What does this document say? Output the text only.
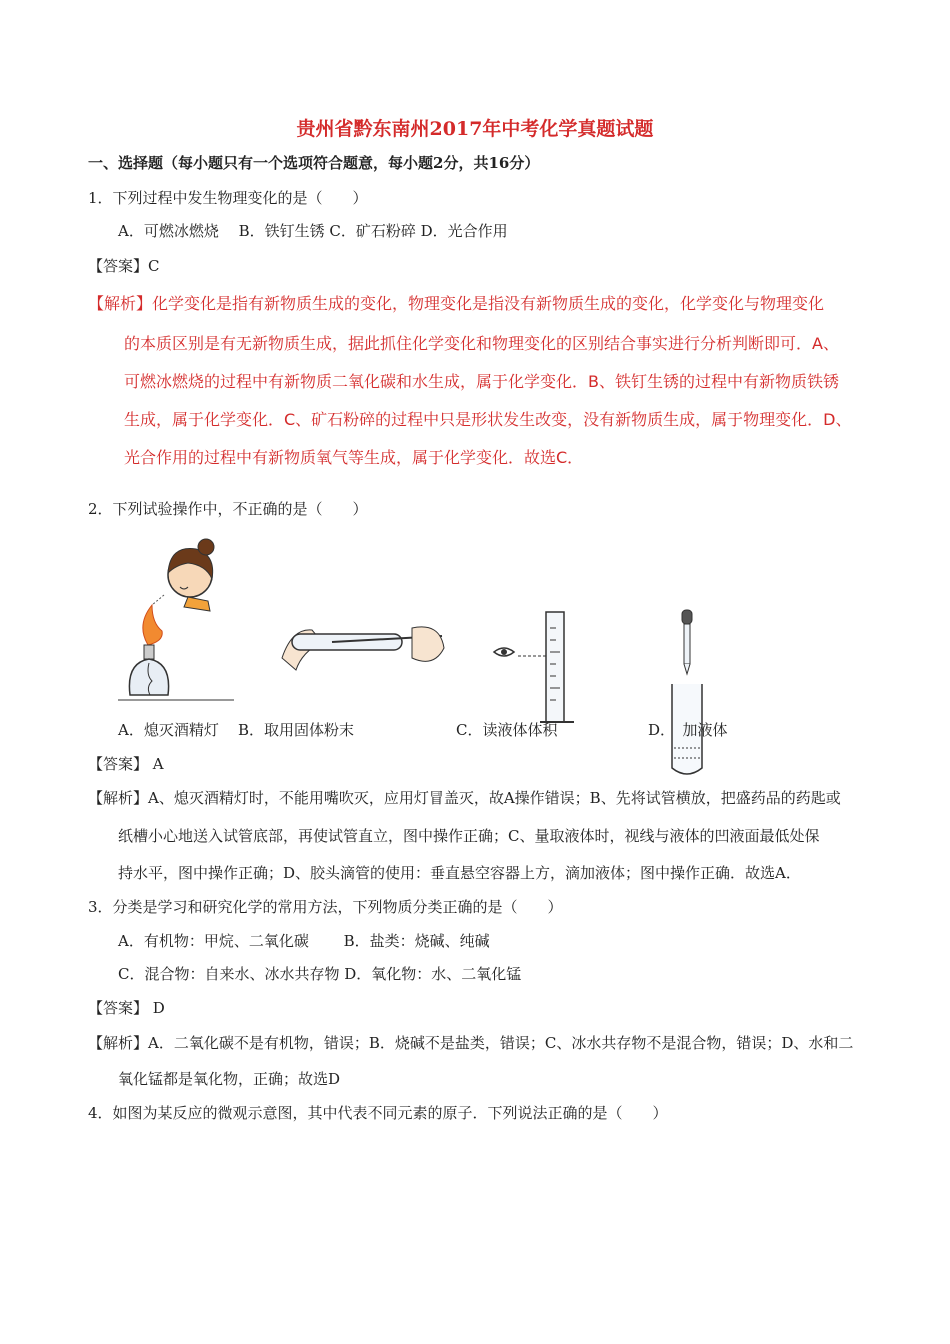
贵州省黔东南州2017年中考化学真题试题
一、选择题（每小题只有一个选项符合题意，每小题2分，共16分）
1．下列过程中发生物理变化的是（　　）
A．可燃冰燃烧　 B．铁钉生锈 C．矿石粉碎 D．光合作用
【答案】C
【解析】化学变化是指有新物质生成的变化，物理变化是指没有新物质生成的变化，化学变化与物理变化
的本质区别是有无新物质生成，据此抓住化学变化和物理变化的区别结合事实进行分析判断即可．A、
可燃冰燃烧的过程中有新物质二氧化碳和水生成，属于化学变化．B、铁钉生锈的过程中有新物质铁锈
生成，属于化学变化．C、矿石粉碎的过程中只是形状发生改变，没有新物质生成，属于物理变化．D、
光合作用的过程中有新物质氧气等生成，属于化学变化．故选C．
2．下列试验操作中，不正确的是（　　）
A．熄灭酒精灯 B．取用固体粉末	C．读液体体积	D．　加液体
【答案】 A
【解析】A、熄灭酒精灯时，不能用嘴吹灭，应用灯冒盖灭，故A操作错误；B、先将试管横放，把盛药品的药匙或
纸槽小心地送入试管底部，再使试管直立，图中操作正确；C、量取液体时，视线与液体的凹液面最低处保
持水平，图中操作正确；D、胶头滴管的使用：垂直悬空容器上方，滴加液体；图中操作正确．故选A．
3．分类是学习和研究化学的常用方法，下列物质分类正确的是（　　）
A．有机物：甲烷、二氧化碳　　 B．盐类：烧碱、纯碱
C．混合物：自来水、冰水共存物 D．氧化物：水、二氧化锰
【答案】 D
【解析】A．二氧化碳不是有机物，错误；B．烧碱不是盐类，错误；C、冰水共存物不是混合物，错误；D、水和二
氧化锰都是氧化物，正确；故选D
4．如图为某反应的微观示意图，其中代表不同元素的原子．下列说法正确的是（　　）
